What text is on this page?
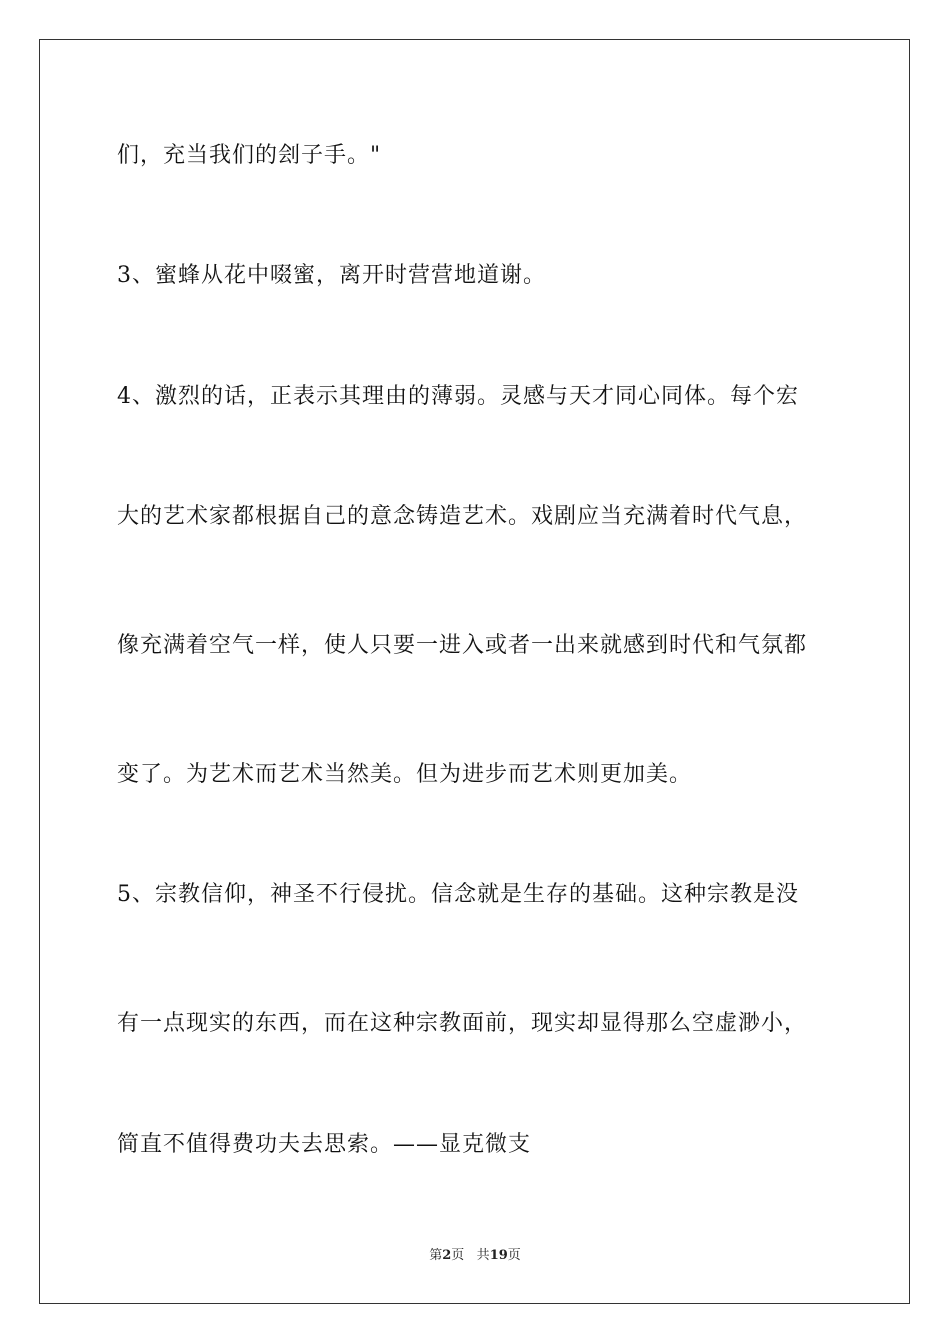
们，充当我们的刽子手。"
3、蜜蜂从花中啜蜜，离开时营营地道谢。
4、激烈的话，正表示其理由的薄弱。灵感与天才同心同体。每个宏
大的艺术家都根据自己的意念铸造艺术。戏剧应当充满着时代气息，
像充满着空气一样，使人只要一进入或者一出来就感到时代和气氛都
变了。为艺术而艺术当然美。但为进步而艺术则更加美。
5、宗教信仰，神圣不行侵扰。信念就是生存的基础。这种宗教是没
有一点现实的东西，而在这种宗教面前，现实却显得那么空虚渺小，
简直不值得费功夫去思索。——显克微支
第2页 共19页
